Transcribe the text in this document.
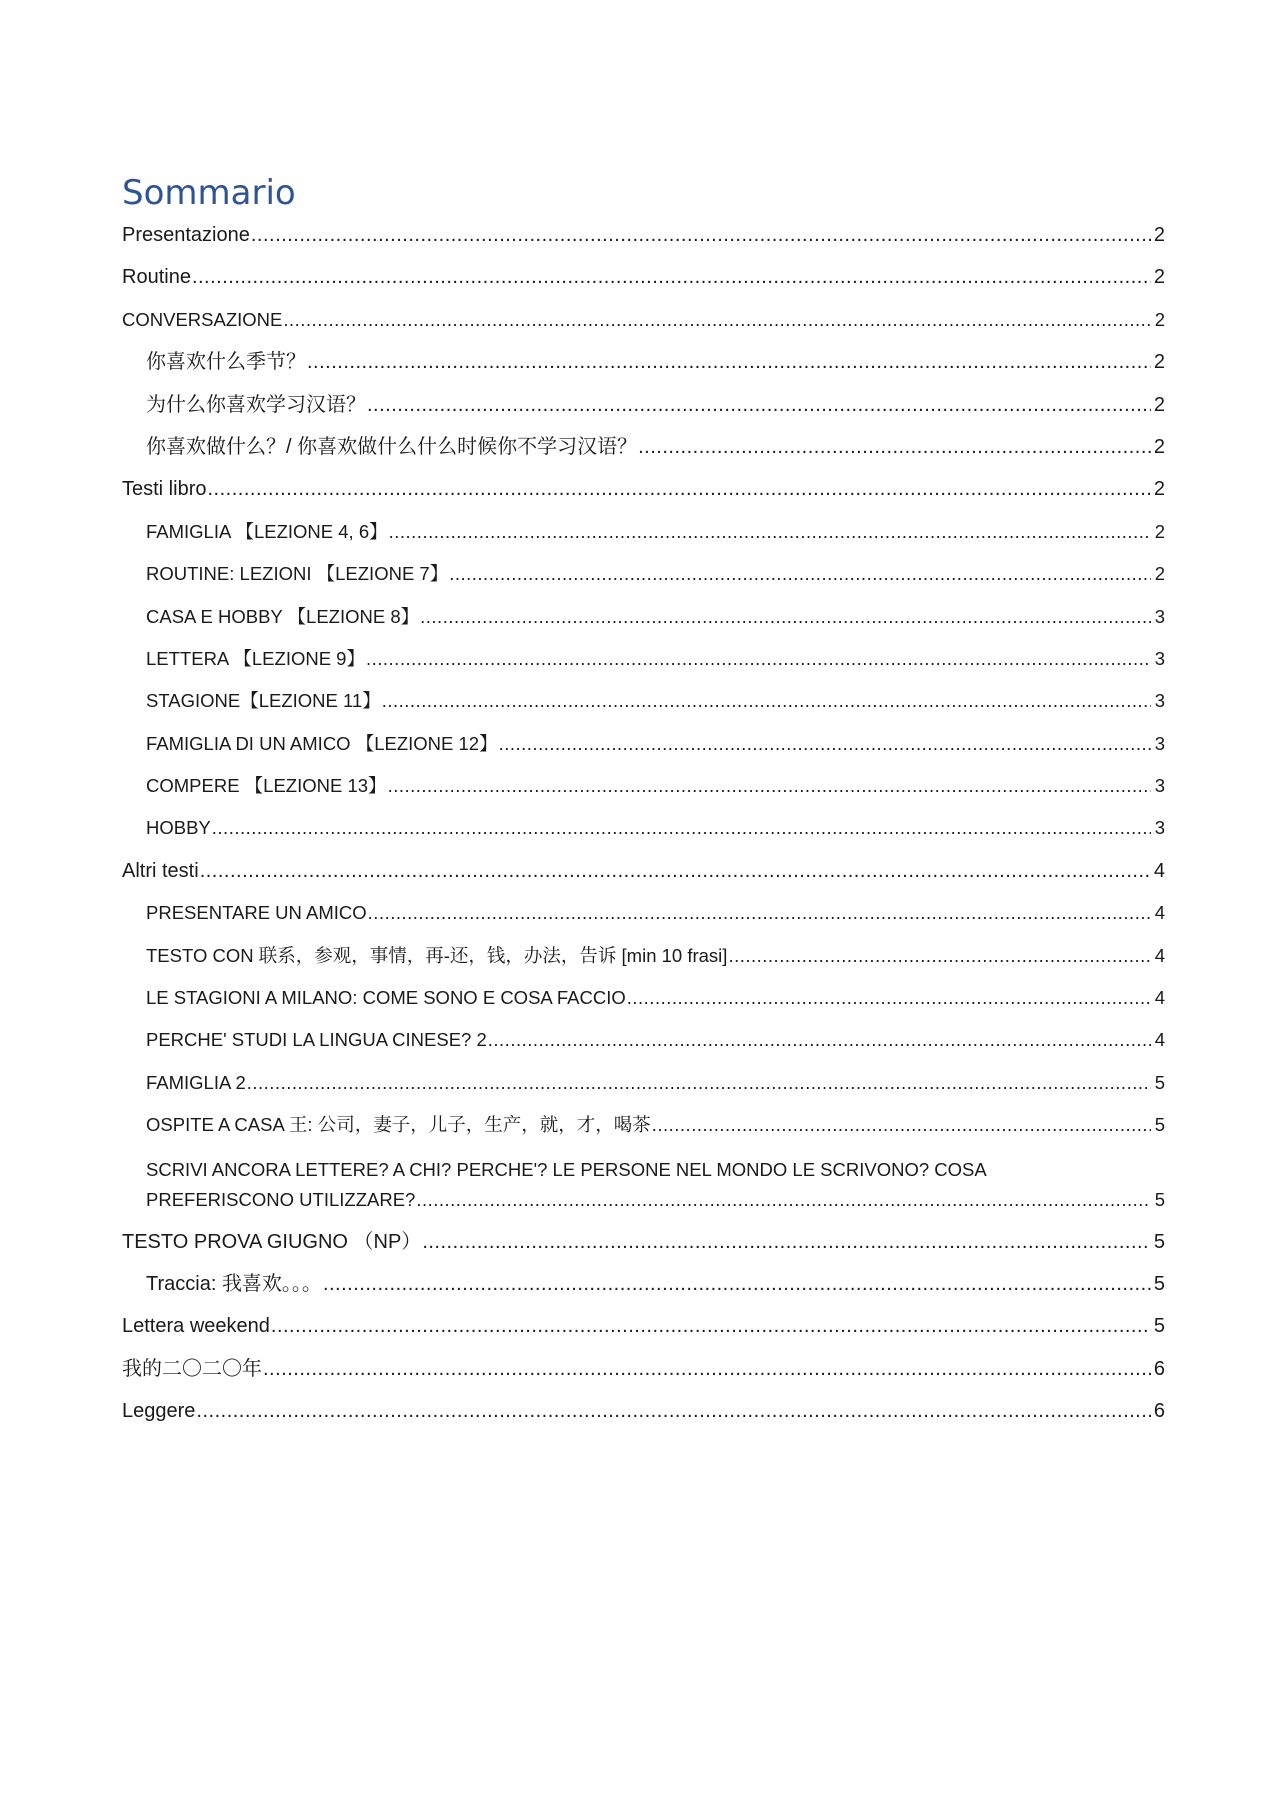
Sommario
Presentazione .....	2
Routine .....	2
CONVERSAZIONE .....	2
你喜欢什么季节？ .....	2
为什么你喜欢学习汉语？ .....	2
你喜欢做什么？/ 你喜欢做什么什么时候你不学习汉语？ .....	2
Testi libro .....	2
FAMIGLIA 【LEZIONE 4, 6】 .....	2
ROUTINE: LEZIONI 【LEZIONE 7】 .....	2
CASA E HOBBY 【LEZIONE 8】 .....	3
LETTERA 【LEZIONE 9】 .....	3
STAGIONE【LEZIONE 11】 .....	3
FAMIGLIA DI UN AMICO 【LEZIONE 12】 .....	3
COMPERE 【LEZIONE 13】 .....	3
HOBBY .....	3
Altri testi .....	4
PRESENTARE UN AMICO .....	4
TESTO CON 联系，参观，事情，再-还，钱，办法，告诉 [min 10 frasi] .....	4
LE STAGIONI A MILANO: COME SONO E COSA FACCIO .....	4
PERCHE' STUDI LA LINGUA CINESE? 2 .....	4
FAMIGLIA 2 .....	5
OSPITE A CASA 王: 公司，妻子，儿子，生产，就，才，喝茶 .....	5
SCRIVI ANCORA LETTERE? A CHI? PERCHE'? LE PERSONE NEL MONDO LE SCRIVONO? COSA
PREFERISCONO UTILIZZARE? .....	5
TESTO PROVA GIUGNO （NP） .....	5
Traccia: 我喜欢。。。 .....	5
Lettera weekend .....	5
我的二〇二〇年 .....	6
Leggere .....	6
